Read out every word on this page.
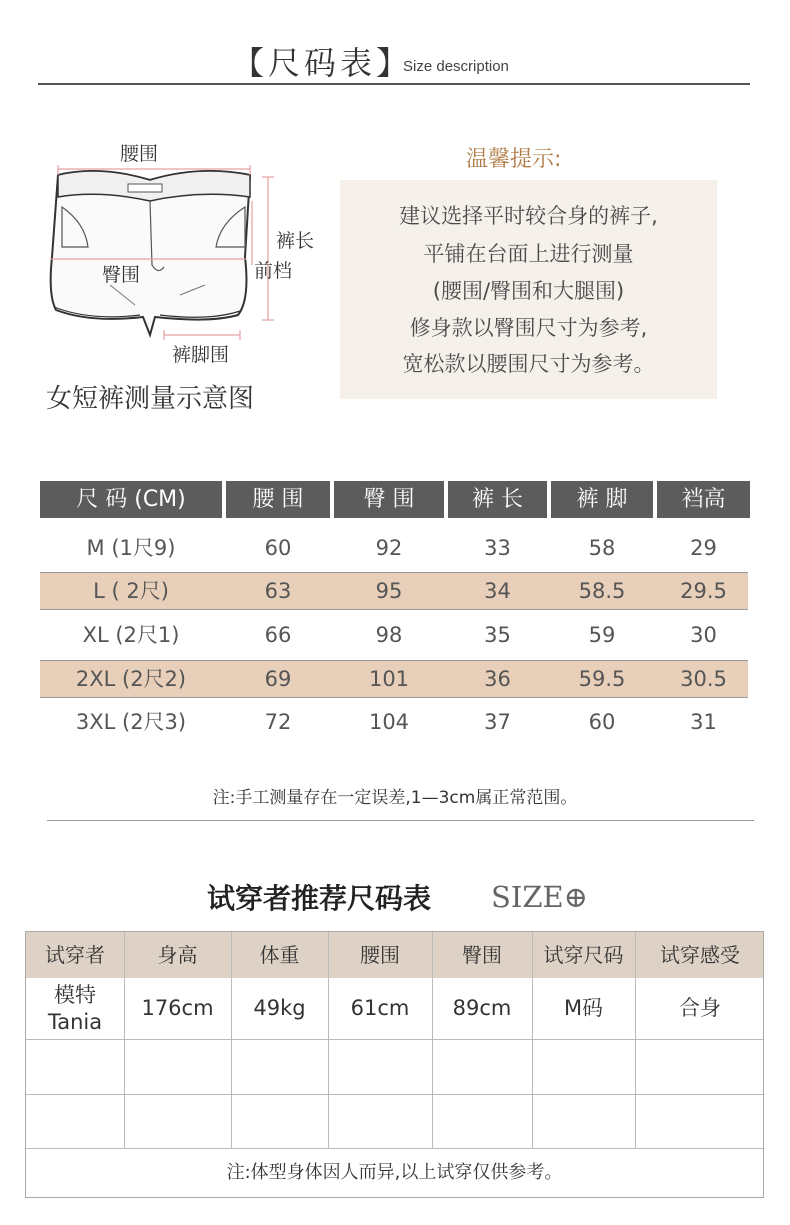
【尺码表】
Size description
腰围
臀围
裤长
前档
裤脚围
女短裤测量示意图
温馨提示:
建议选择平时较合身的裤子,
平铺在台面上进行测量
(腰围/臀围和大腿围)
修身款以臀围尺寸为参考,
宽松款以腰围尺寸为参考。
尺 码 (CM)	腰 围	臀 围	裤 长	裤 脚	裆高
M (1尺9)	60	92	33	58	29
L ( 2尺)	63	95	34	58.5	29.5
XL (2尺1)	66	98	35	59	30
2XL (2尺2)	69	101	36	59.5	30.5
3XL (2尺3)	72	104	37	60	31
注:手工测量存在一定误差,1—3cm属正常范围。
试穿者推荐尺码表 SIZE⊕
试穿者	身高	体重	腰围	臀围	试穿尺码	试穿感受
模特
Tania
176cm	49kg	61cm	89cm	M码	合身
注:体型身体因人而异,以上试穿仅供参考。
